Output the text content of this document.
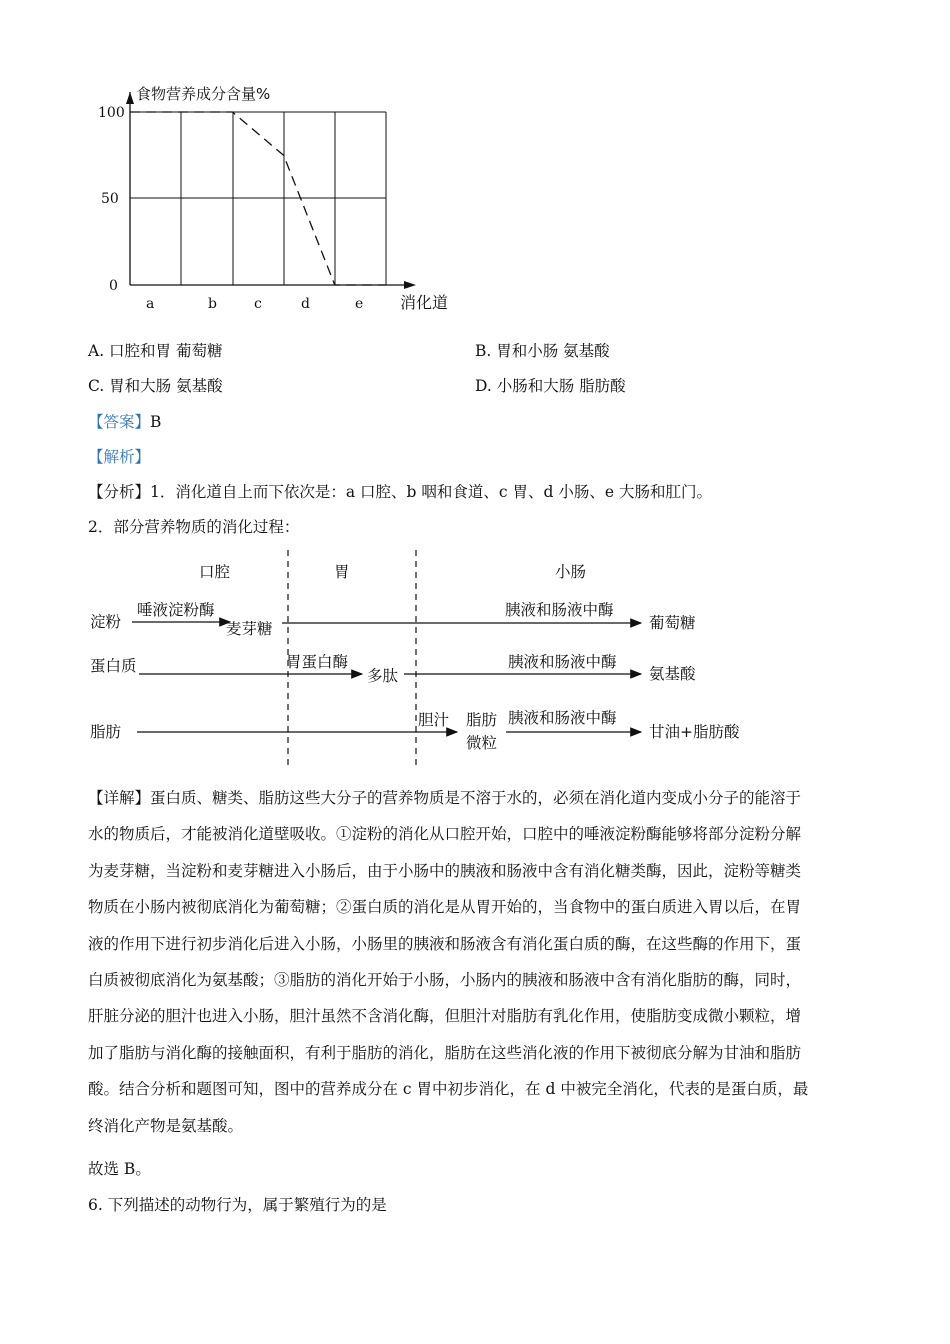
食物营养成分含量%
100
50
0
a	b	c	d	e 消化道
A. 口腔和胃 葡萄糖	B. 胃和小肠 氨基酸
C. 胃和大肠 氨基酸	D. 小肠和大肠 脂肪酸
【答案】B
【解析】
【分析】1．消化道自上而下依次是：a 口腔、b 咽和食道、c 胃、d 小肠、e 大肠和肛门。
2．部分营养物质的消化过程：
口腔	胃	小肠
淀粉
唾液淀粉酶
麦芽糖
胰液和肠液中酶
葡萄糖
蛋白质	胃蛋白酶
多肽
胰液和肠液中酶
氨基酸
脂肪
胆汁 脂肪
微粒
胰液和肠液中酶
甘油+脂肪酸
【详解】蛋白质、糖类、脂肪这些大分子的营养物质是不溶于水的，必须在消化道内变成小分子的能溶于
水的物质后，才能被消化道壁吸收。①淀粉的消化从口腔开始，口腔中的唾液淀粉酶能够将部分淀粉分解
为麦芽糖，当淀粉和麦芽糖进入小肠后，由于小肠中的胰液和肠液中含有消化糖类酶，因此，淀粉等糖类
物质在小肠内被彻底消化为葡萄糖；②蛋白质的消化是从胃开始的，当食物中的蛋白质进入胃以后，在胃
液的作用下进行初步消化后进入小肠，小肠里的胰液和肠液含有消化蛋白质的酶，在这些酶的作用下，蛋
白质被彻底消化为氨基酸；③脂肪的消化开始于小肠，小肠内的胰液和肠液中含有消化脂肪的酶，同时，
肝脏分泌的胆汁也进入小肠，胆汁虽然不含消化酶，但胆汁对脂肪有乳化作用，使脂肪变成微小颗粒，增
加了脂肪与消化酶的接触面积，有利于脂肪的消化，脂肪在这些消化液的作用下被彻底分解为甘油和脂肪
酸。结合分析和题图可知，图中的营养成分在 c 胃中初步消化，在 d 中被完全消化，代表的是蛋白质，最
终消化产物是氨基酸。
故选 B。
6. 下列描述的动物行为，属于繁殖行为的是
